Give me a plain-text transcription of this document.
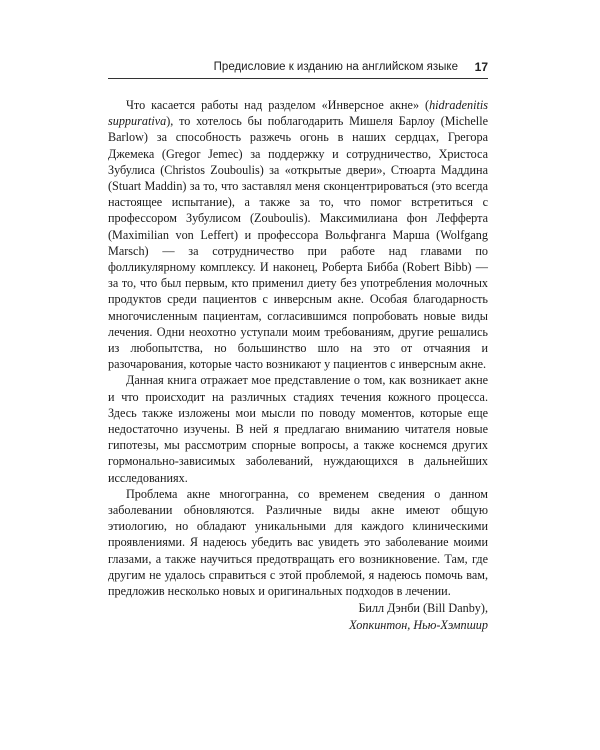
Предисловие к изданию на английском языке 17

Что касается работы над разделом «Инверсное акне» (hidradenitis suppurativa), то хотелось бы поблагодарить Мишеля Барлоу (Michelle Barlow) за способность разжечь огонь в наших сердцах, Грегора Джемека (Gregor Jemec) за поддержку и сотрудничество, Христоса Зубулиса (Christos Zouboulis) за «открытые двери», Стюарта Маддина (Stuart Maddin) за то, что заставлял меня сконцентрироваться (это всегда настоящее испытание), а также за то, что помог встретиться с профессором Зубулисом (Zouboulis). Максимилиана фон Лефферта (Maximilian von Leffert) и профессора Вольфганга Марша (Wolfgang Marsch) — за сотрудничество при работе над главами по фолликулярному комплексу. И наконец, Роберта Бибба (Robert Bibb) — за то, что был первым, кто применил диету без употребления молочных продуктов среди пациентов с инверсным акне. Особая благодарность многочисленным пациентам, согласившимся попробовать новые виды лечения. Одни неохотно уступали моим требованиям, другие решались из любопытства, но большинство шло на это от отчаяния и разочарования, которые часто возникают у пациентов с инверсным акне.

Данная книга отражает мое представление о том, как возникает акне и что происходит на различных стадиях течения кожного процесса. Здесь также изложены мои мысли по поводу моментов, которые еще недостаточно изучены. В ней я предлагаю вниманию читателя новые гипотезы, мы рассмотрим спорные вопросы, а также коснемся других гормонально-зависимых заболеваний, нуждающихся в дальнейших исследованиях.

Проблема акне многогранна, со временем сведения о данном заболевании обновляются. Различные виды акне имеют общую этиологию, но обладают уникальными для каждого клиническими проявлениями. Я надеюсь убедить вас увидеть это заболевание моими глазами, а также научиться предотвращать его возникновение. Там, где другим не удалось справиться с этой проблемой, я надеюсь помочь вам, предложив несколько новых и оригинальных подходов в лечении.

Билл Дэнби (Bill Danby),
Хопкинтон, Нью-Хэмпшир
